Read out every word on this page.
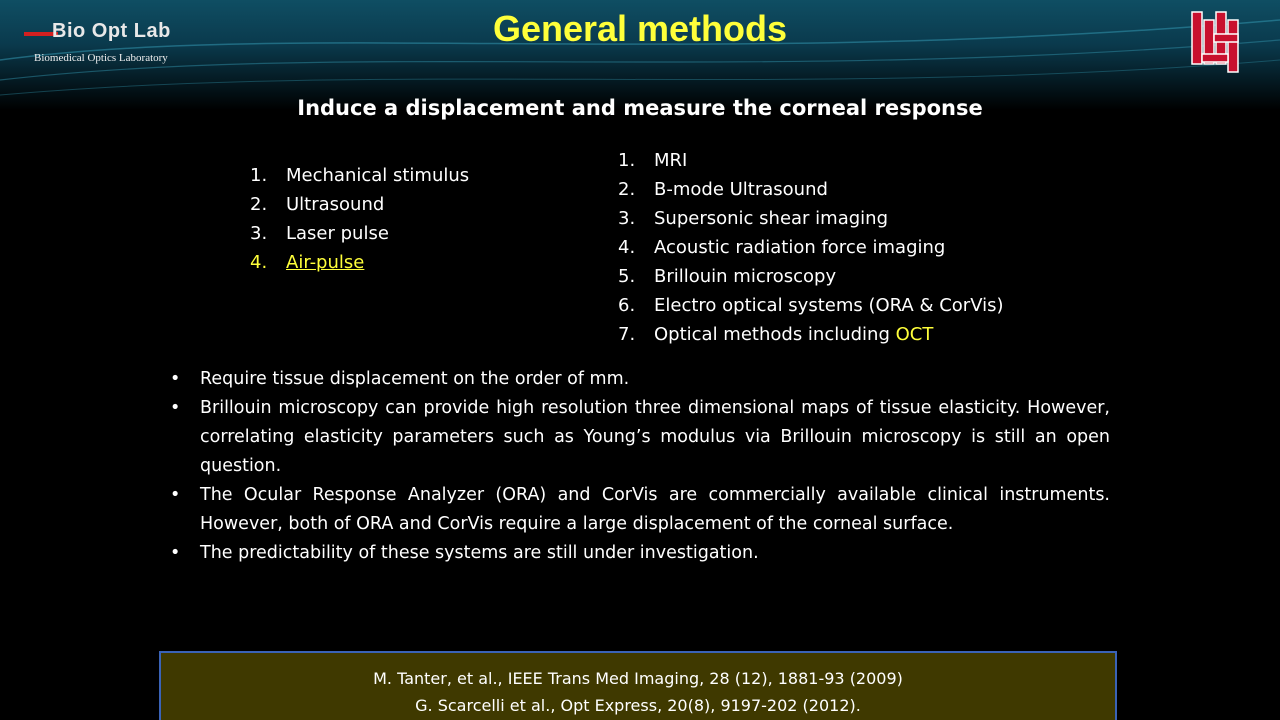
Bio Opt Lab
Biomedical Optics Laboratory
General methods
Induce a displacement and measure the corneal response
1. Mechanical stimulus
2. Ultrasound
3. Laser pulse
4. Air-pulse
1. MRI
2. B-mode Ultrasound
3. Supersonic shear imaging
4. Acoustic radiation force imaging
5. Brillouin microscopy
6. Electro optical systems (ORA & CorVis)
7. Optical methods including OCT
• Require tissue displacement on the order of mm.
• Brillouin microscopy can provide high resolution three dimensional maps of tissue elasticity. However, correlating elasticity parameters such as Young’s modulus via Brillouin microscopy is still an open question.
• The Ocular Response Analyzer (ORA) and CorVis are commercially available clinical instruments. However, both of ORA and CorVis require a large displacement of the corneal surface.
• The predictability of these systems are still under investigation.
M. Tanter, et al., IEEE Trans Med Imaging, 28 (12), 1881-93 (2009)
G. Scarcelli et al., Opt Express, 20(8), 9197-202 (2012).
